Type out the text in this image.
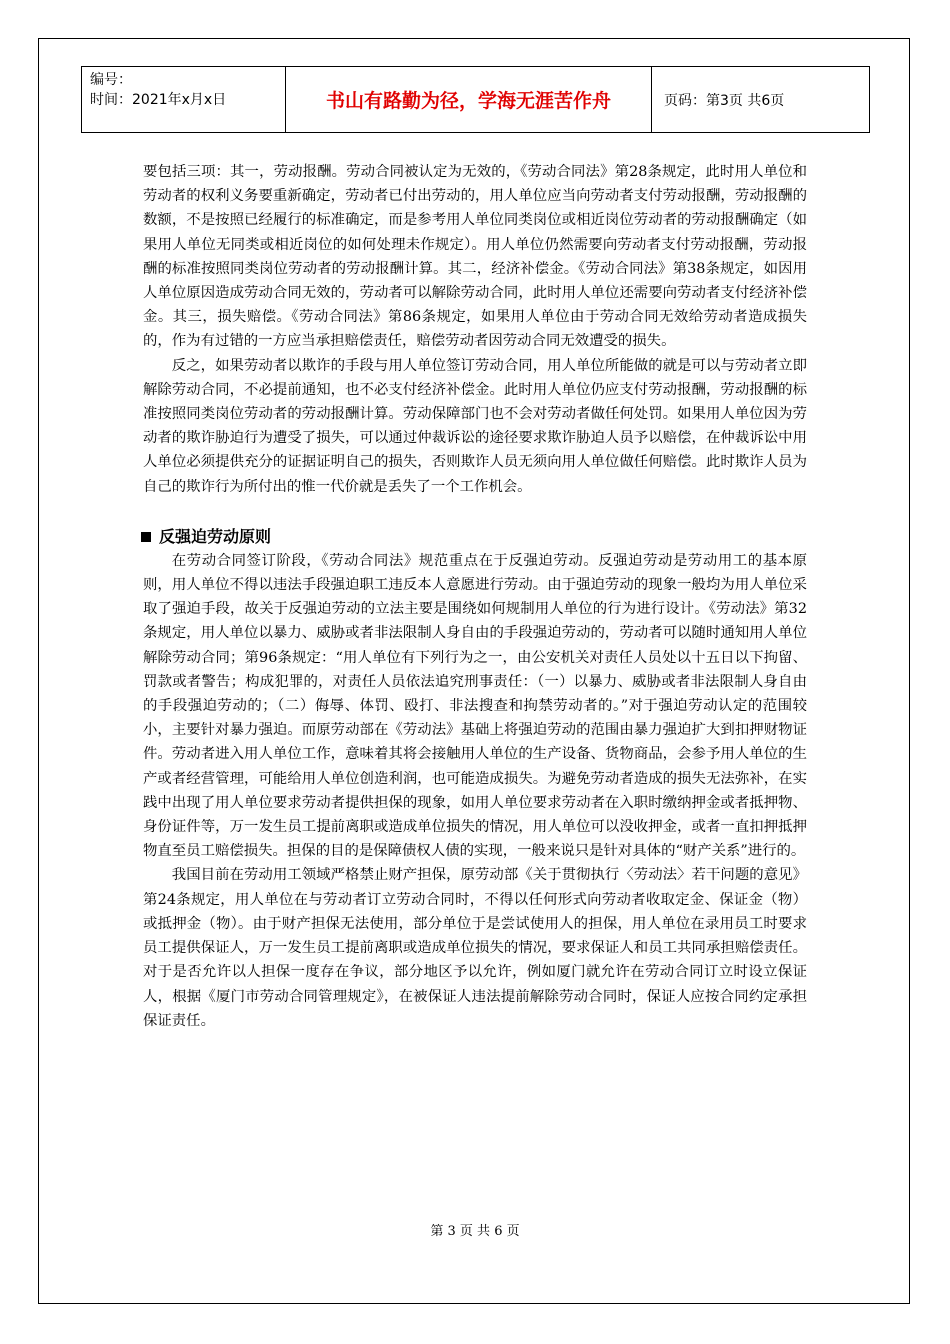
编号：
时间：2021年x月x日	书山有路勤为径，学海无涯苦作舟	页码：第3页 共6页

要包括三项：其一，劳动报酬。劳动合同被认定为无效的，《劳动合同法》第28条规定，此时用人单位和劳动者的权利义务要重新确定，劳动者已付出劳动的，用人单位应当向劳动者支付劳动报酬，劳动报酬的数额，不是按照已经履行的标准确定，而是参考用人单位同类岗位或相近岗位劳动者的劳动报酬确定（如果用人单位无同类或相近岗位的如何处理未作规定）。用人单位仍然需要向劳动者支付劳动报酬，劳动报酬的标准按照同类岗位劳动者的劳动报酬计算。其二，经济补偿金。《劳动合同法》第38条规定，如因用人单位原因造成劳动合同无效的，劳动者可以解除劳动合同，此时用人单位还需要向劳动者支付经济补偿金。其三，损失赔偿。《劳动合同法》第86条规定，如果用人单位由于劳动合同无效给劳动者造成损失的，作为有过错的一方应当承担赔偿责任，赔偿劳动者因劳动合同无效遭受的损失。

反之，如果劳动者以欺诈的手段与用人单位签订劳动合同，用人单位所能做的就是可以与劳动者立即解除劳动合同，不必提前通知，也不必支付经济补偿金。此时用人单位仍应支付劳动报酬，劳动报酬的标准按照同类岗位劳动者的劳动报酬计算。劳动保障部门也不会对劳动者做任何处罚。如果用人单位因为劳动者的欺诈胁迫行为遭受了损失，可以通过仲裁诉讼的途径要求欺诈胁迫人员予以赔偿，在仲裁诉讼中用人单位必须提供充分的证据证明自己的损失，否则欺诈人员无须向用人单位做任何赔偿。此时欺诈人员为自己的欺诈行为所付出的惟一代价就是丢失了一个工作机会。

反强迫劳动原则

在劳动合同签订阶段，《劳动合同法》规范重点在于反强迫劳动。反强迫劳动是劳动用工的基本原则，用人单位不得以违法手段强迫职工违反本人意愿进行劳动。由于强迫劳动的现象一般均为用人单位采取了强迫手段，故关于反强迫劳动的立法主要是围绕如何规制用人单位的行为进行设计。《劳动法》第32条规定，用人单位以暴力、威胁或者非法限制人身自由的手段强迫劳动的，劳动者可以随时通知用人单位解除劳动合同；第96条规定：“用人单位有下列行为之一，由公安机关对责任人员处以十五日以下拘留、罚款或者警告；构成犯罪的，对责任人员依法追究刑事责任：（一）以暴力、威胁或者非法限制人身自由的手段强迫劳动的；（二）侮辱、体罚、殴打、非法搜查和拘禁劳动者的。”对于强迫劳动认定的范围较小，主要针对暴力强迫。而原劳动部在《劳动法》基础上将强迫劳动的范围由暴力强迫扩大到扣押财物证件。劳动者进入用人单位工作，意味着其将会接触用人单位的生产设备、货物商品，会参予用人单位的生产或者经营管理，可能给用人单位创造利润，也可能造成损失。为避免劳动者造成的损失无法弥补，在实践中出现了用人单位要求劳动者提供担保的现象，如用人单位要求劳动者在入职时缴纳押金或者抵押物、身份证件等，万一发生员工提前离职或造成单位损失的情况，用人单位可以没收押金，或者一直扣押抵押物直至员工赔偿损失。担保的目的是保障债权人债的实现，一般来说只是针对具体的“财产关系”进行的。

我国目前在劳动用工领域严格禁止财产担保，原劳动部《关于贯彻执行〈劳动法〉若干问题的意见》第24条规定，用人单位在与劳动者订立劳动合同时，不得以任何形式向劳动者收取定金、保证金（物）或抵押金（物）。由于财产担保无法使用，部分单位于是尝试使用人的担保，用人单位在录用员工时要求员工提供保证人，万一发生员工提前离职或造成单位损失的情况，要求保证人和员工共同承担赔偿责任。对于是否允许以人担保一度存在争议，部分地区予以允许，例如厦门就允许在劳动合同订立时设立保证人，根据《厦门市劳动合同管理规定》，在被保证人违法提前解除劳动合同时，保证人应按合同约定承担保证责任。

第 3 页 共 6 页
